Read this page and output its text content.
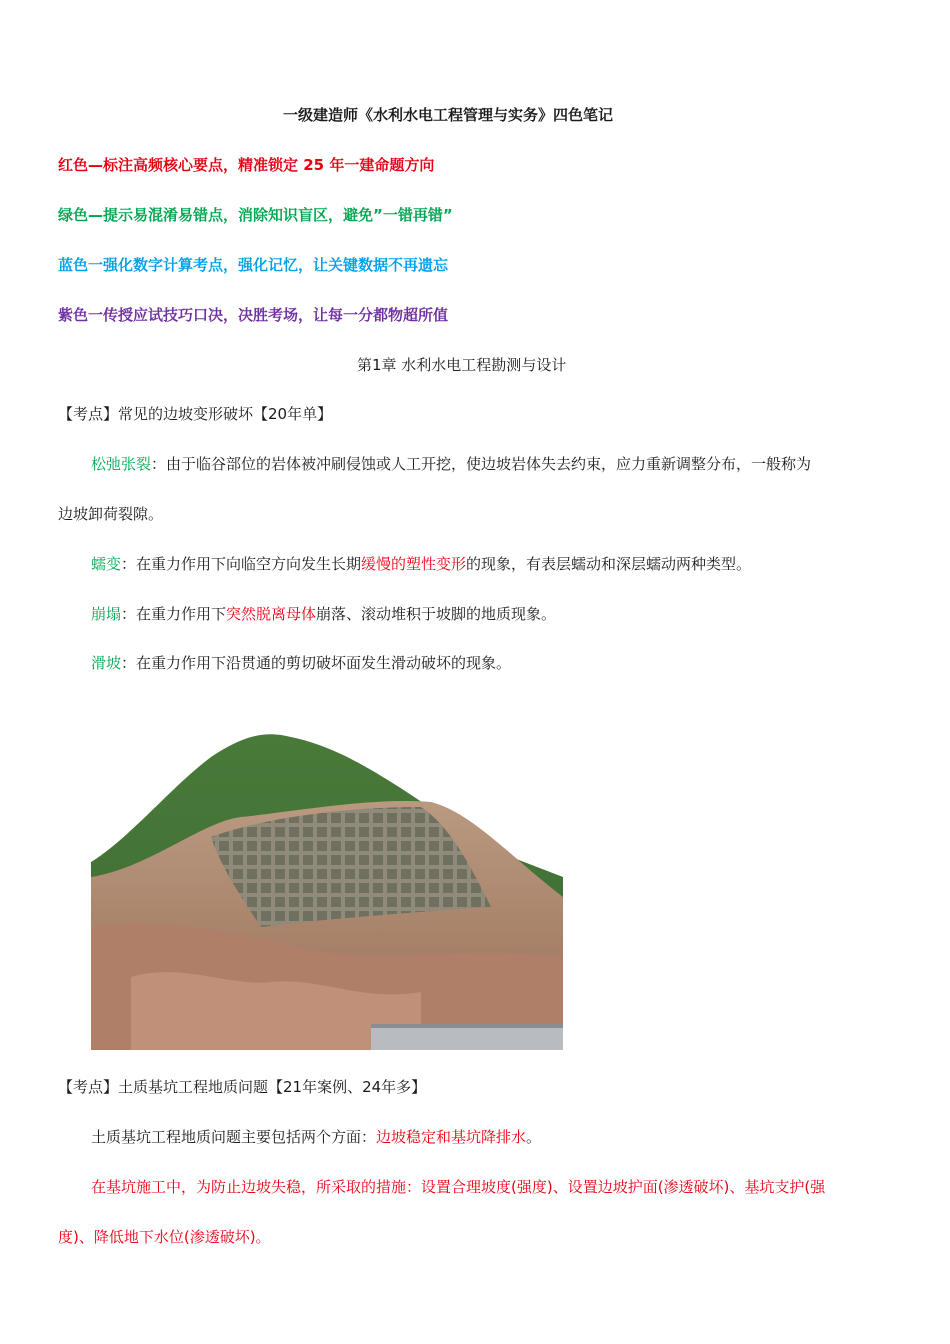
一级建造师《水利水电工程管理与实务》四色笔记
红色—标注高频核心要点，精准锁定 25 年一建命题方向
绿色—提示易混淆易错点，消除知识盲区，避免”一错再错”
蓝色一强化数字计算考点，强化记忆，让关键数据不再遗忘
紫色一传授应试技巧口决，决胜考场，让每一分都物超所值
第1章 水利水电工程勘测与设计
【考点】常见的边坡变形破坏【20年单】
松弛张裂：由于临谷部位的岩体被冲刷侵蚀或人工开挖，使边坡岩体失去约束，应力重新调整分布，一般称为
边坡卸荷裂隙。
蠕变：在重力作用下向临空方向发生长期缓慢的塑性变形的现象，有表层蠕动和深层蠕动两种类型。
崩塌：在重力作用下突然脱离母体崩落、滚动堆积于坡脚的地质现象。
滑坡：在重力作用下沿贯通的剪切破坏面发生滑动破坏的现象。
【考点】土质基坑工程地质问题【21年案例、24年多】
土质基坑工程地质问题主要包括两个方面：边坡稳定和基坑降排水。
在基坑施工中，为防止边坡失稳，所采取的措施：设置合理坡度(强度)、设置边坡护面(渗透破坏)、基坑支护(强
度)、降低地下水位(渗透破坏)。
